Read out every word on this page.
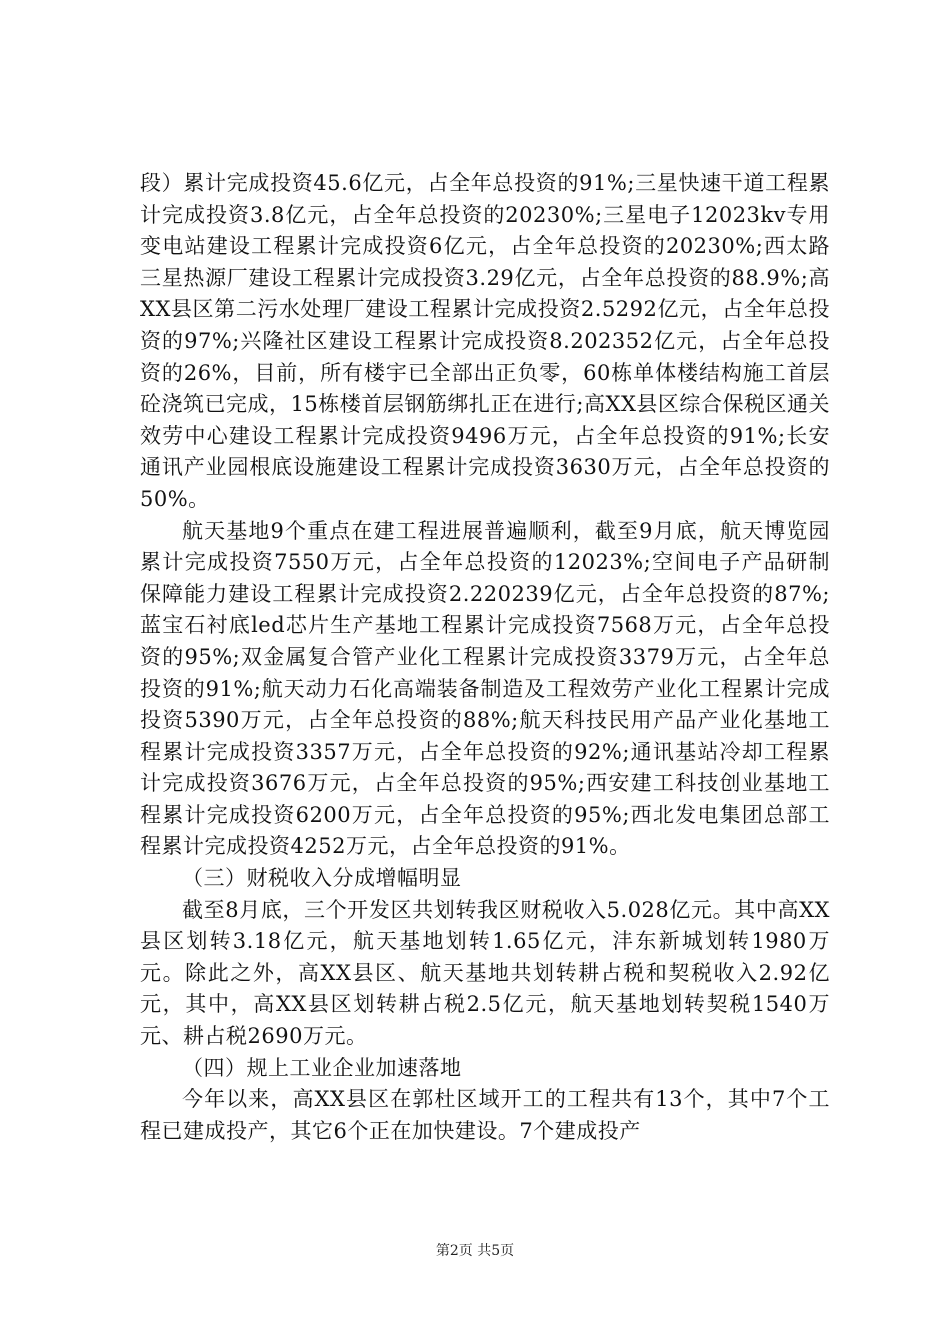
段）累计完成投资45.6亿元，占全年总投资的91%;三星快速干道工程累计完成投资3.8亿元，占全年总投资的20230%;三星电子12023kv专用变电站建设工程累计完成投资6亿元，占全年总投资的20230%;西太路三星热源厂建设工程累计完成投资3.29亿元，占全年总投资的88.9%;高XX县区第二污水处理厂建设工程累计完成投资2.5292亿元，占全年总投资的97%;兴隆社区建设工程累计完成投资8.202352亿元，占全年总投资的26%，目前，所有楼宇已全部出正负零，60栋单体楼结构施工首层砼浇筑已完成，15栋楼首层钢筋绑扎正在进行;高XX县区综合保税区通关效劳中心建设工程累计完成投资9496万元，占全年总投资的91%;长安通讯产业园根底设施建设工程累计完成投资3630万元，占全年总投资的50%。

航天基地9个重点在建工程进展普遍顺利，截至9月底，航天博览园累计完成投资7550万元，占全年总投资的12023%;空间电子产品研制保障能力建设工程累计完成投资2.220239亿元，占全年总投资的87%;蓝宝石衬底led芯片生产基地工程累计完成投资7568万元，占全年总投资的95%;双金属复合管产业化工程累计完成投资3379万元，占全年总投资的91%;航天动力石化高端装备制造及工程效劳产业化工程累计完成投资5390万元，占全年总投资的88%;航天科技民用产品产业化基地工程累计完成投资3357万元，占全年总投资的92%;通讯基站冷却工程累计完成投资3676万元，占全年总投资的95%;西安建工科技创业基地工程累计完成投资6200万元，占全年总投资的95%;西北发电集团总部工程累计完成投资4252万元，占全年总投资的91%。

（三）财税收入分成增幅明显

截至8月底，三个开发区共划转我区财税收入5.028亿元。其中高XX县区划转3.18亿元，航天基地划转1.65亿元，沣东新城划转1980万元。除此之外，高XX县区、航天基地共划转耕占税和契税收入2.92亿元，其中，高XX县区划转耕占税2.5亿元，航天基地划转契税1540万元、耕占税2690万元。

（四）规上工业企业加速落地

今年以来，高XX县区在郭杜区域开工的工程共有13个，其中7个工程已建成投产，其它6个正在加快建设。7个建成投产

第2页 共5页
